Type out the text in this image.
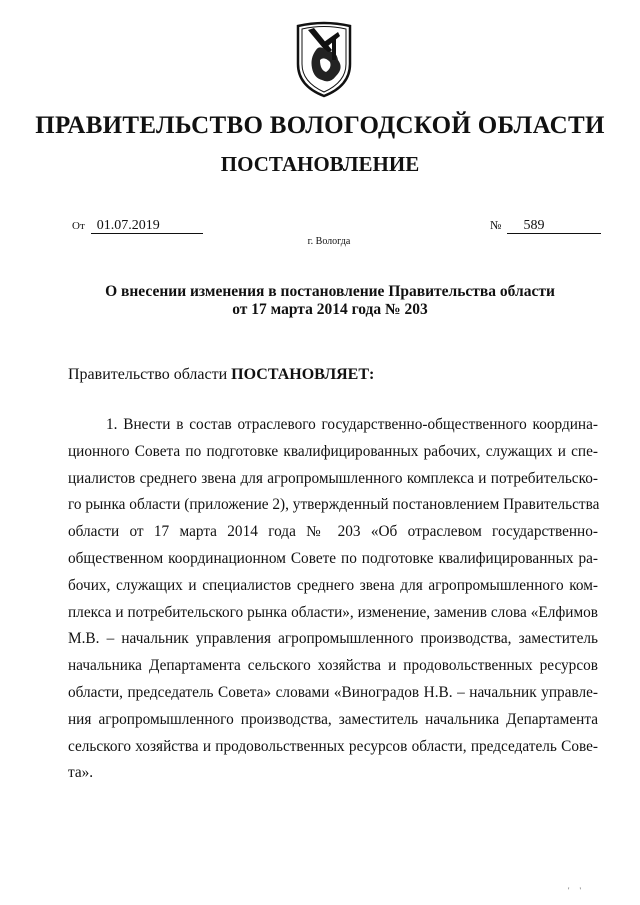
ПРАВИТЕЛЬСТВО ВОЛОГОДСКОЙ ОБЛАСТИ
ПОСТАНОВЛЕНИЕ
От 01.07.2019	№ 589
г. Вологда
О внесении изменения в постановление Правительства области
от 17 марта 2014 года № 203
Правительство области ПОСТАНОВЛЯЕТ:
1. Внести в состав отраслевого государственно-общественного координа-
ционного Совета по подготовке квалифицированных рабочих, служащих и спе-
циалистов среднего звена для агропромышленного комплекса и потребительско-
го рынка области (приложение 2), утвержденный постановлением Правительства
области от 17 марта 2014 года № 203 «Об отраслевом государственно-
общественном координационном Совете по подготовке квалифицированных ра-
бочих, служащих и специалистов среднего звена для агропромышленного ком-
плекса и потребительского рынка области», изменение, заменив слова «Елфимов
М.В. – начальник управления агропромышленного производства, заместитель
начальника Департамента сельского хозяйства и продовольственных ресурсов
области, председатель Совета» словами «Виноградов Н.В. – начальник управле-
ния агропромышленного производства, заместитель начальника Департамента
сельского хозяйства и продовольственных ресурсов области, председатель Сове-
та».
' '
